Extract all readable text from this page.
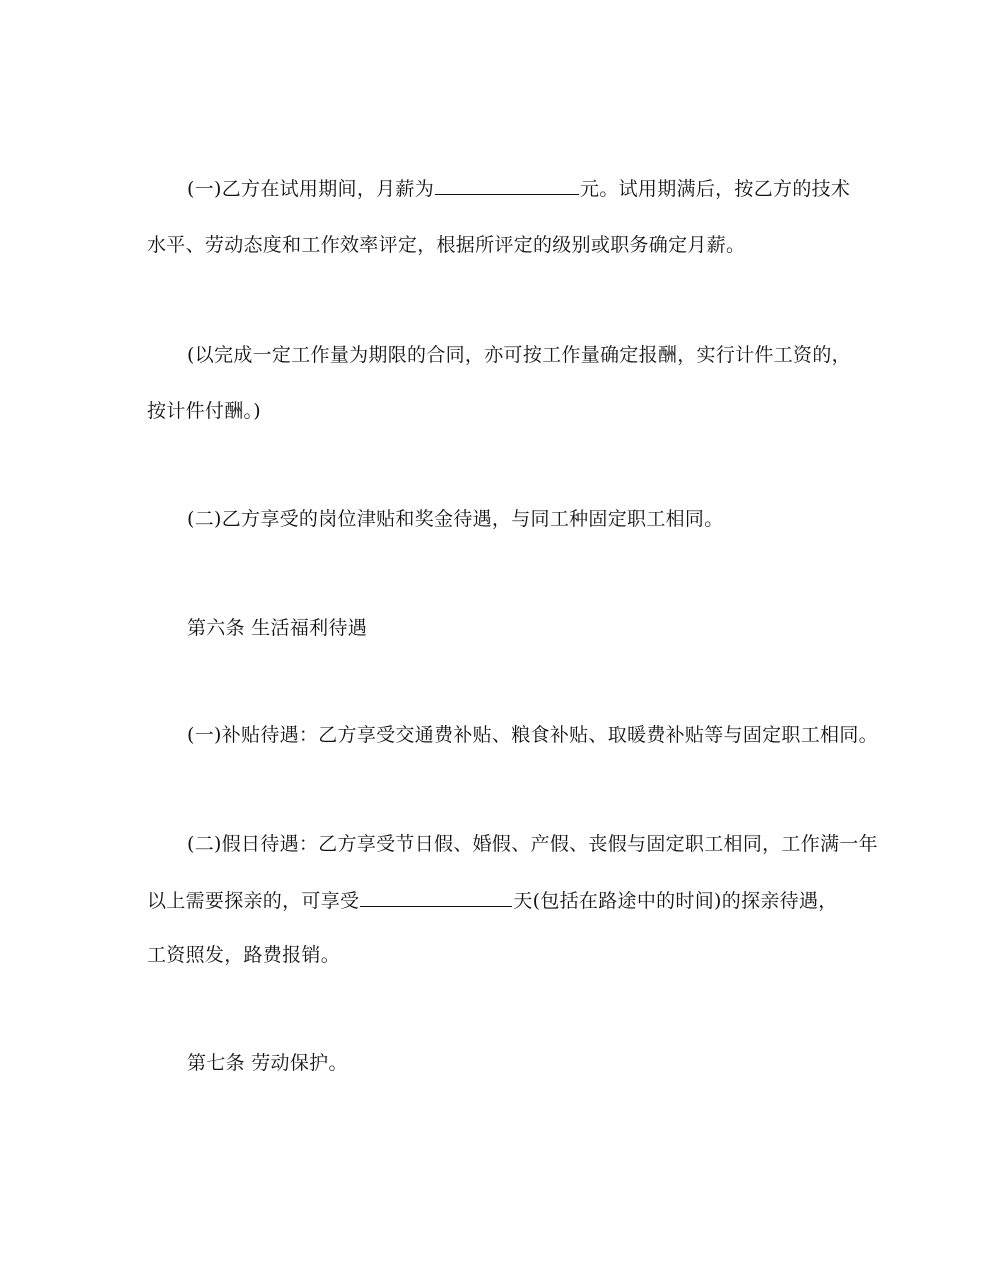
(一)乙方在试用期间，月薪为	元。试用期满后，按乙方的技术
水平、劳动态度和工作效率评定，根据所评定的级别或职务确定月薪。
(以完成一定工作量为期限的合同，亦可按工作量确定报酬，实行计件工资的，
按计件付酬。)
(二)乙方享受的岗位津贴和奖金待遇，与同工种固定职工相同。
第六条 生活福利待遇
(一)补贴待遇：乙方享受交通费补贴、粮食补贴、取暖费补贴等与固定职工相同。
(二)假日待遇：乙方享受节日假、婚假、产假、丧假与固定职工相同，工作满一年
以上需要探亲的，可享受	天(包括在路途中的时间)的探亲待遇，
工资照发，路费报销。
第七条 劳动保护。
